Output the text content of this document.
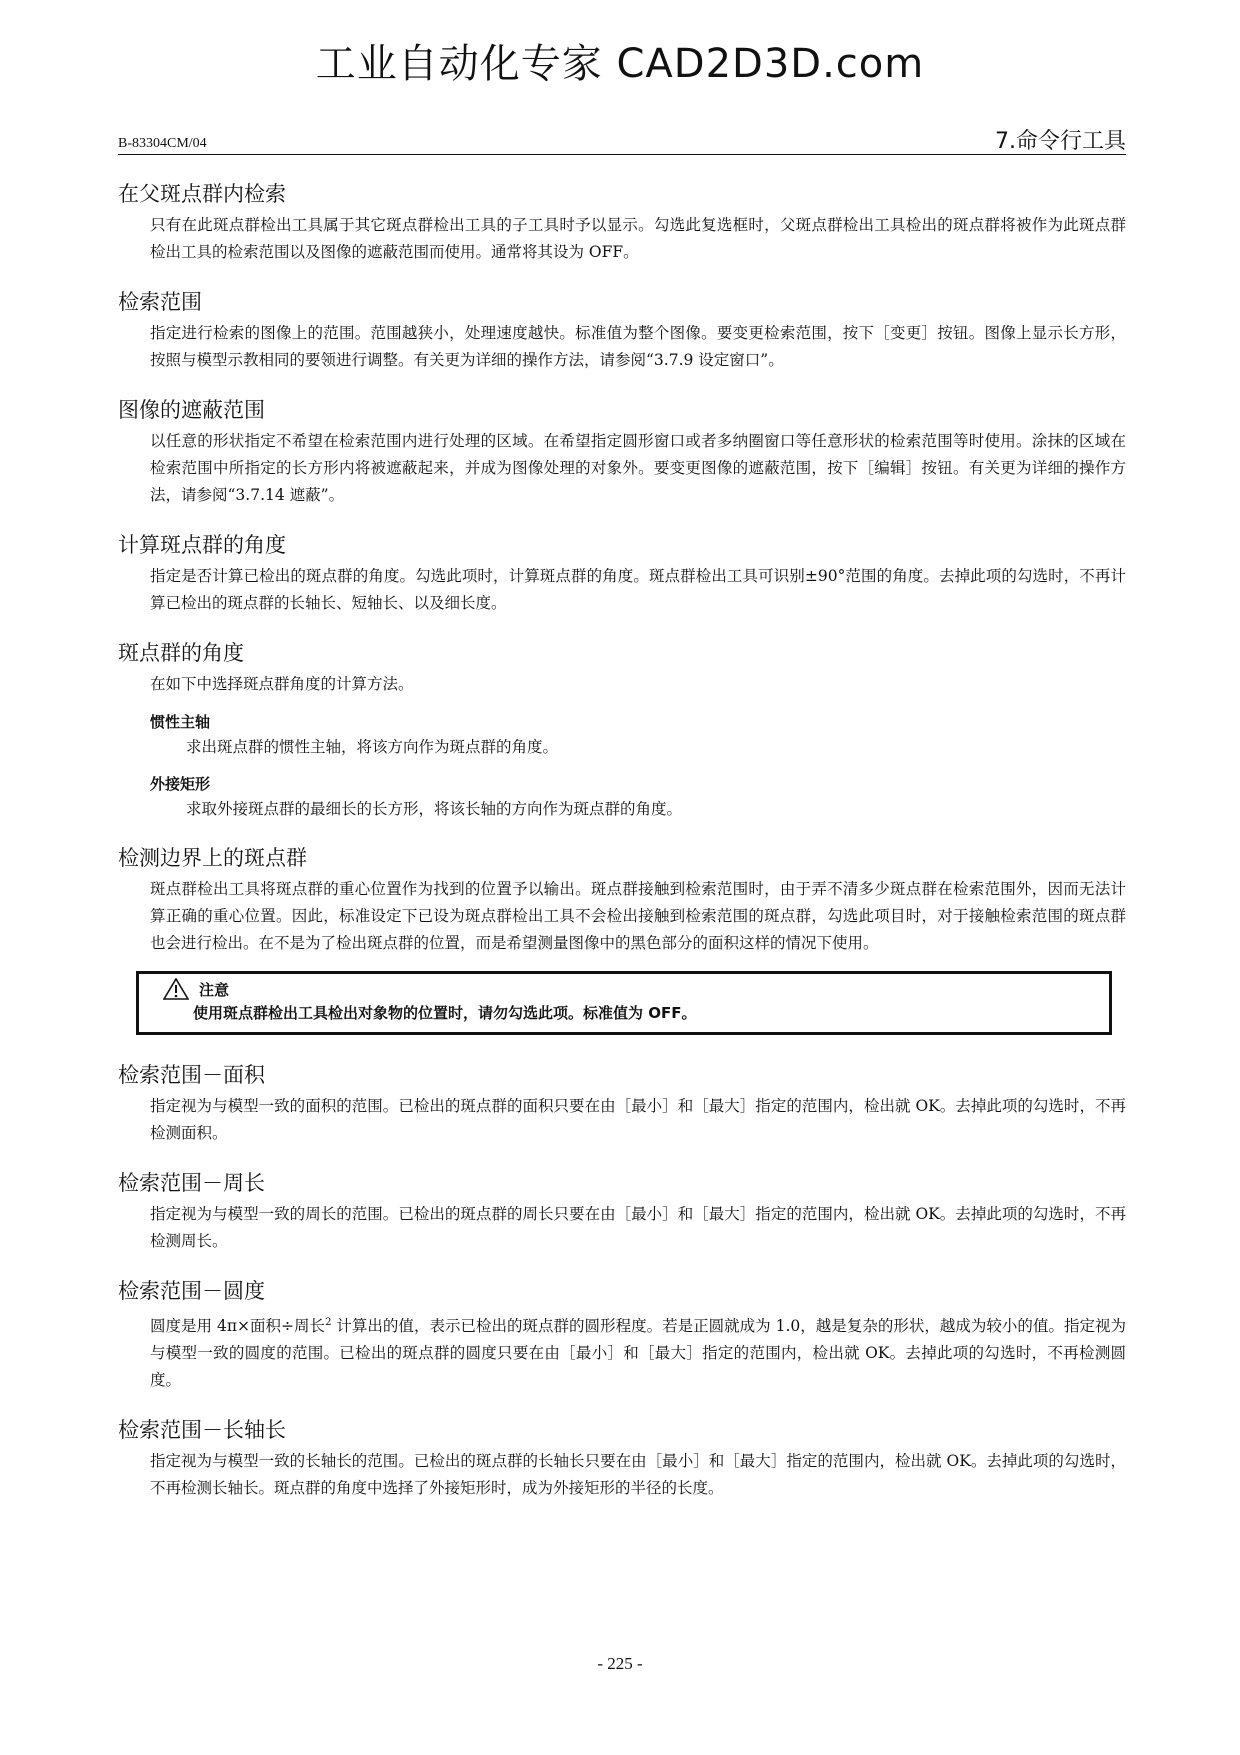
工业自动化专家 CAD2D3D.com
B-83304CM/04	7.命令行工具
在父斑点群内检索
只有在此斑点群检出工具属于其它斑点群检出工具的子工具时予以显示。勾选此复选框时，父斑点群检出工具检出的斑点群将被作为此斑点群检出工具的检索范围以及图像的遮蔽范围而使用。通常将其设为 OFF。
检索范围
指定进行检索的图像上的范围。范围越狭小，处理速度越快。标准值为整个图像。要变更检索范围，按下［变更］按钮。图像上显示长方形，按照与模型示教相同的要领进行调整。有关更为详细的操作方法，请参阅“3.7.9 设定窗口”。
图像的遮蔽范围
以任意的形状指定不希望在检索范围内进行处理的区域。在希望指定圆形窗口或者多纳圈窗口等任意形状的检索范围等时使用。涂抹的区域在检索范围中所指定的长方形内将被遮蔽起来，并成为图像处理的对象外。要变更图像的遮蔽范围，按下［编辑］按钮。有关更为详细的操作方法，请参阅“3.7.14 遮蔽”。
计算斑点群的角度
指定是否计算已检出的斑点群的角度。勾选此项时，计算斑点群的角度。斑点群检出工具可识别±90°范围的角度。去掉此项的勾选时，不再计算已检出的斑点群的长轴长、短轴长、以及细长度。
斑点群的角度
在如下中选择斑点群角度的计算方法。
惯性主轴
求出斑点群的惯性主轴，将该方向作为斑点群的角度。
外接矩形
求取外接斑点群的最细长的长方形，将该长轴的方向作为斑点群的角度。
检测边界上的斑点群
斑点群检出工具将斑点群的重心位置作为找到的位置予以输出。斑点群接触到检索范围时，由于弄不清多少斑点群在检索范围外，因而无法计算正确的重心位置。因此，标准设定下已设为斑点群检出工具不会检出接触到检索范围的斑点群，勾选此项目时，对于接触检索范围的斑点群也会进行检出。在不是为了检出斑点群的位置，而是希望测量图像中的黑色部分的面积这样的情况下使用。
注意
使用斑点群检出工具检出对象物的位置时，请勿勾选此项。标准值为 OFF。
检索范围－面积
指定视为与模型一致的面积的范围。已检出的斑点群的面积只要在由［最小］和［最大］指定的范围内，检出就 OK。去掉此项的勾选时，不再检测面积。
检索范围－周长
指定视为与模型一致的周长的范围。已检出的斑点群的周长只要在由［最小］和［最大］指定的范围内，检出就 OK。去掉此项的勾选时，不再检测周长。
检索范围－圆度
圆度是用 4π×面积÷周长$^2$ 计算出的值，表示已检出的斑点群的圆形程度。若是正圆就成为 1.0，越是复杂的形状，越成为较小的值。指定视为与模型一致的圆度的范围。已检出的斑点群的圆度只要在由［最小］和［最大］指定的范围内，检出就 OK。去掉此项的勾选时，不再检测圆度。
检索范围－长轴长
指定视为与模型一致的长轴长的范围。已检出的斑点群的长轴长只要在由［最小］和［最大］指定的范围内，检出就 OK。去掉此项的勾选时，不再检测长轴长。斑点群的角度中选择了外接矩形时，成为外接矩形的半径的长度。
- 225 -
